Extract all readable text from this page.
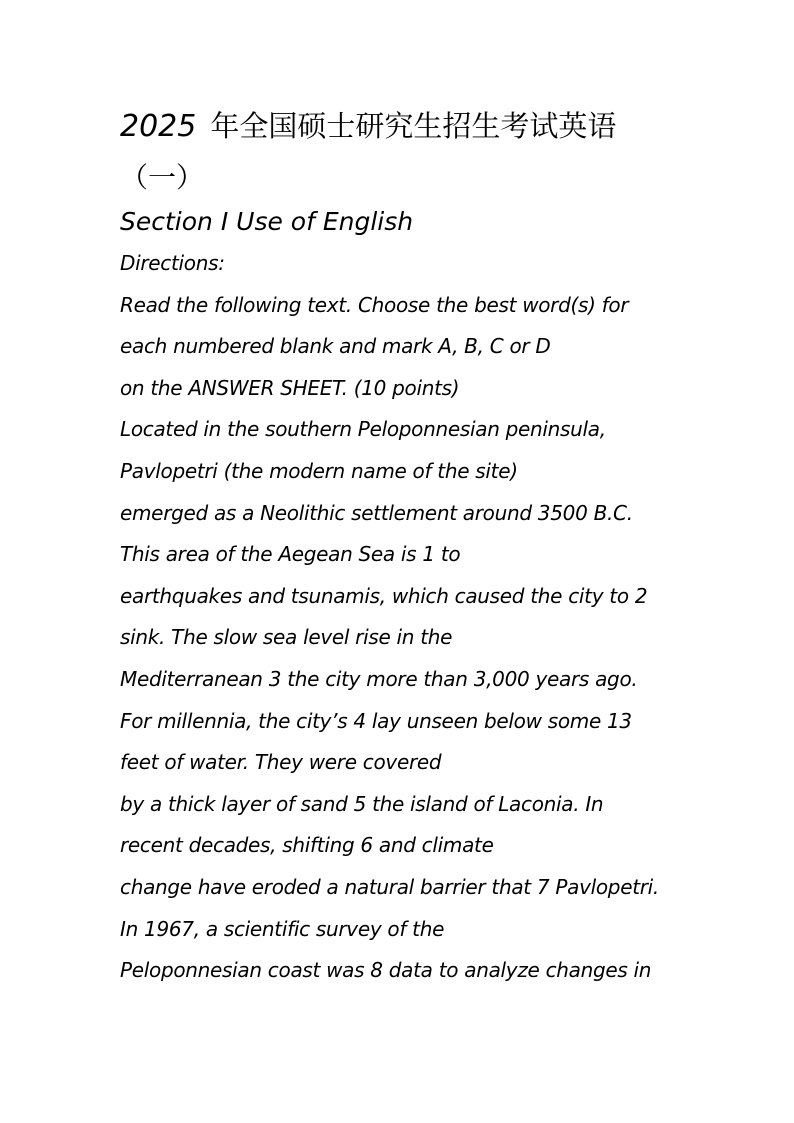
2025 年全国硕士研究生招生考试英语
（一）
Section I Use of English
Directions:
Read the following text. Choose the best word(s) for
each numbered blank and mark A, B, C or D
on the ANSWER SHEET. (10 points)
Located in the southern Peloponnesian peninsula,
Pavlopetri (the modern name of the site)
emerged as a Neolithic settlement around 3500 B.C.
This area of the Aegean Sea is 1 to
earthquakes and tsunamis, which caused the city to 2
sink. The slow sea level rise in the
Mediterranean 3 the city more than 3,000 years ago.
For millennia, the city’s 4 lay unseen below some 13
feet of water. They were covered
by a thick layer of sand 5 the island of Laconia. In
recent decades, shifting 6 and climate
change have eroded a natural barrier that 7 Pavlopetri.
In 1967, a scientific survey of the
Peloponnesian coast was 8 data to analyze changes in
